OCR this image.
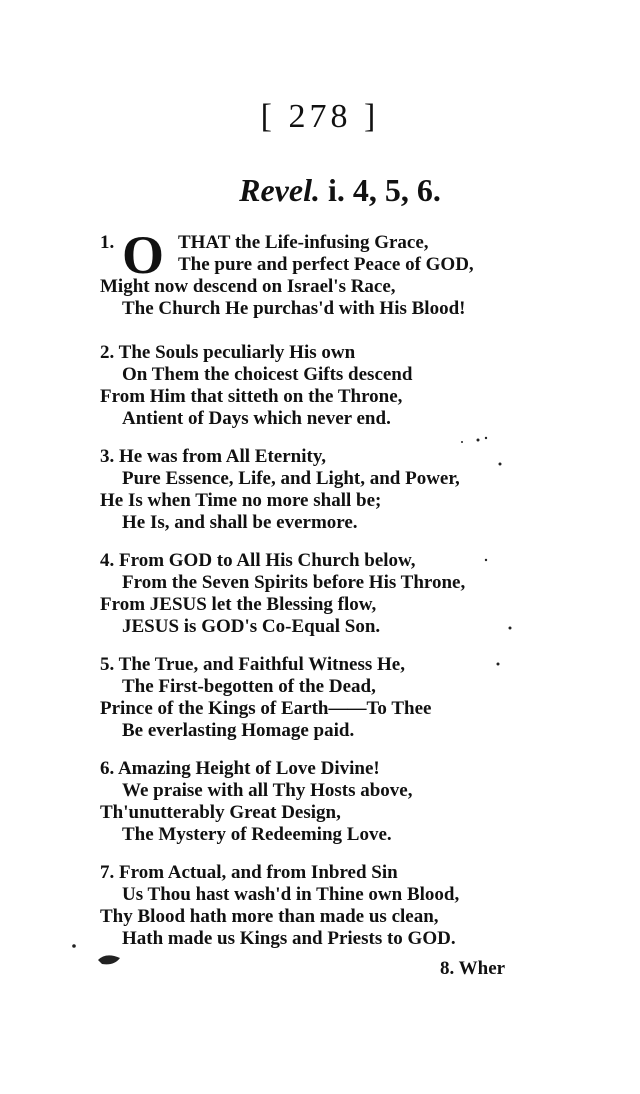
[ 278 ]
Revel. i. 4, 5, 6.
1. O THAT the Life-infusing Grace,
The pure and perfect Peace of GOD,
Might now descend on Israel's Race,
The Church He purchas'd with His Blood!
2. The Souls peculiarly His own
On Them the choicest Gifts descend
From Him that sitteth on the Throne,
Antient of Days which never end.
3. He was from All Eternity,
Pure Essence, Life, and Light, and Power,
He Is when Time no more shall be;
He Is, and shall be evermore.
4. From GOD to All His Church below,
From the Seven Spirits before His Throne,
From JESUS let the Blessing flow,
JESUS is GOD's Co-Equal Son.
5. The True, and Faithful Witness He,
The First-begotten of the Dead,
Prince of the Kings of Earth——To Thee
Be everlasting Homage paid.
6. Amazing Height of Love Divine!
We praise with all Thy Hosts above,
Th'unutterably Great Design,
The Mystery of Redeeming Love.
7. From Actual, and from Inbred Sin
Us Thou hast wash'd in Thine own Blood,
Thy Blood hath more than made us clean,
Hath made us Kings and Priests to GOD.
8. Wher
